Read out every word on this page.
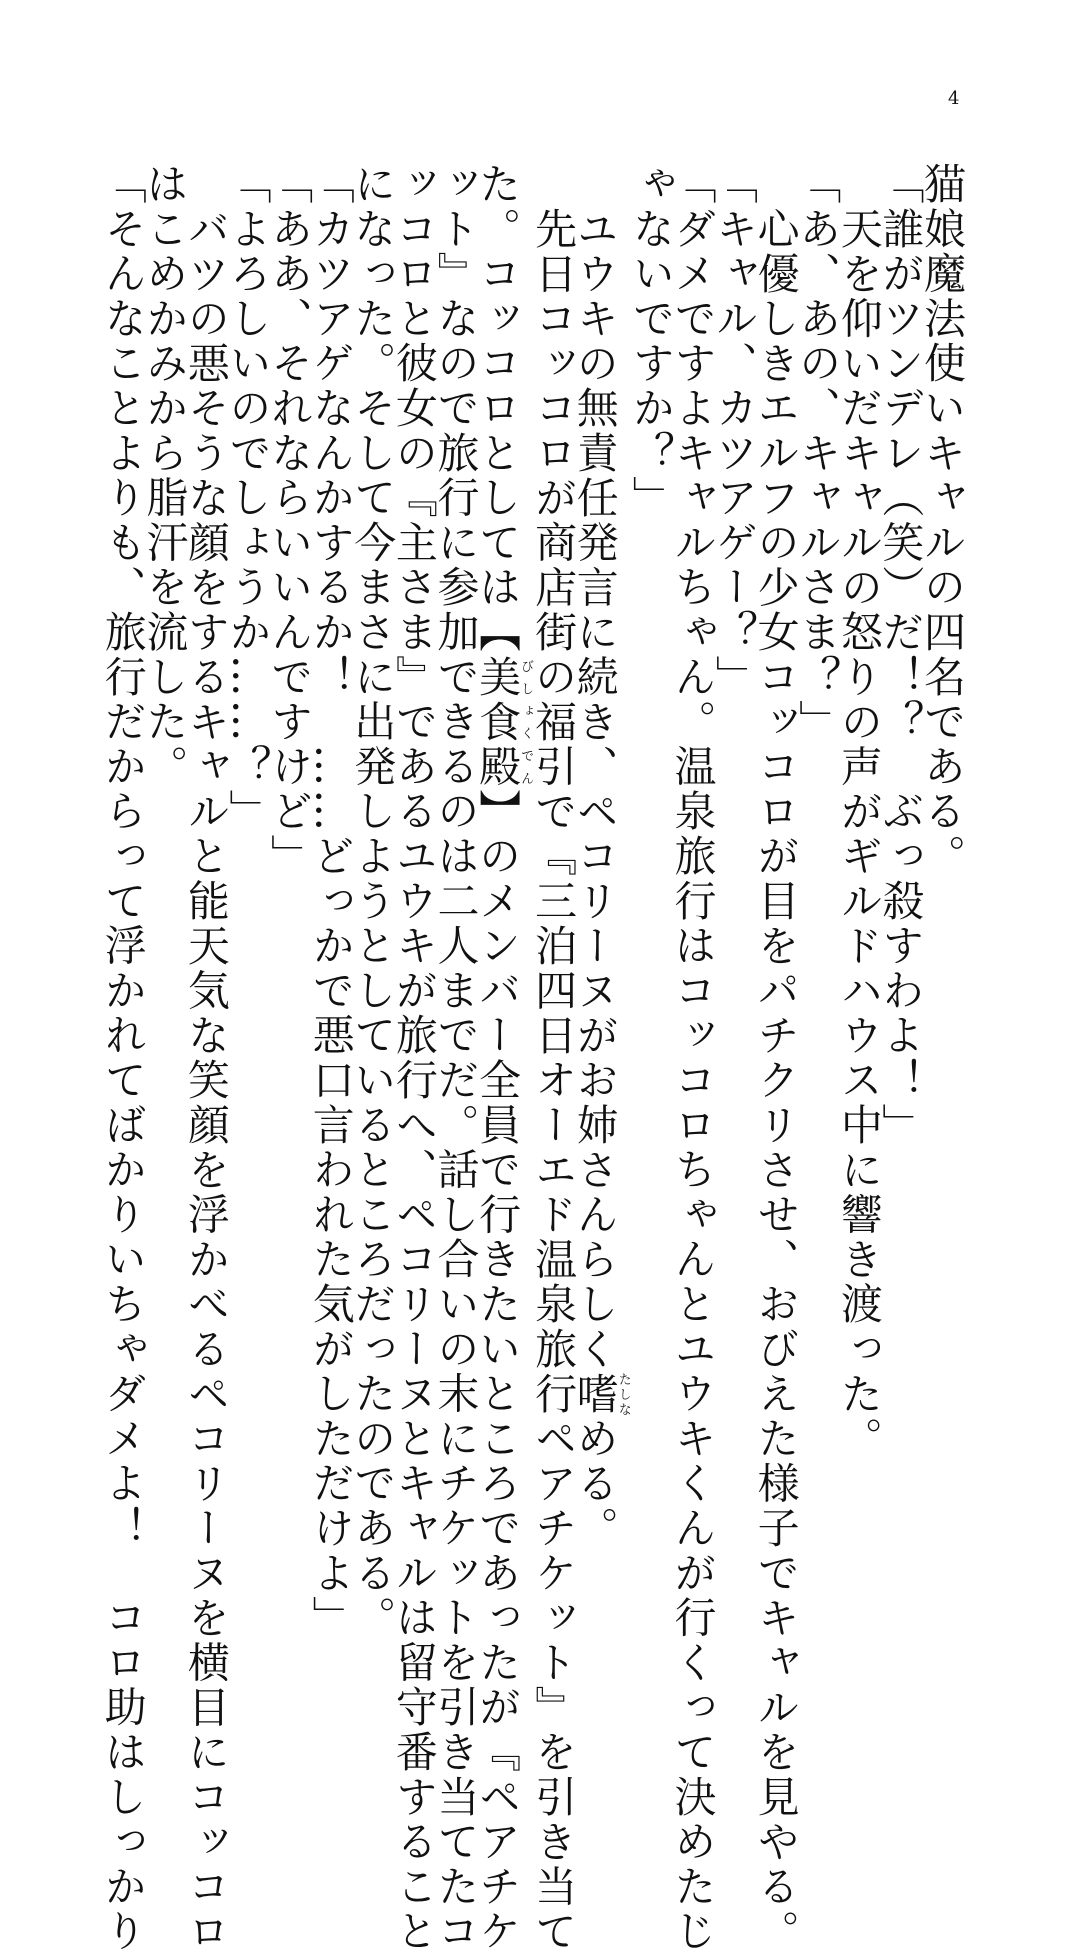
4
猫娘魔法使いキャルの四名である。
「誰がツンデレ（笑）だ！？　ぶっ殺すわよ！」
天を仰いだキャルの怒りの声がギルドハウス中に響き渡った。
「あ、あの、キャルさま？」
心優しきエルフの少女コッコロが目をパチクリさせ、おびえた様子でキャルを見やる。
「キャル、カツアゲー？」
「ダメですよキャルちゃん。温泉旅行はコッコロちゃんとユウキくんが行くって決めたじ
ゃないですか？」
ユウキの無責任発言に続き、ペコリーヌがお姉さんらしく嗜たしなめる。
先日コッコロが商店街の福引で『三泊四日オーエド温泉旅行ペアチケット』を引き当て
た。コッコロとしては【美食殿びしょくでん】のメンバー全員で行きたいところであったが『ペアチケ
ット』なので旅行に参加できるのは二人までだ。話し合いの末にチケットを引き当てたコ
ッコロと彼女の『主さま』であるユウキが旅行へ、ペコリーヌとキャルは留守番すること
になった。そして今まさに出発しようとしているところだったのである。
「カツアゲなんかするか！　……どっかで悪口言われた気がしただけよ」
「ああ、それならいいんですけど」
「よろしいのでしょうか……？」
バツの悪そうな顔をするキャルと能天気な笑顔を浮かべるペコリーヌを横目にコッコロ
はこめかみから脂汗を流した。
「そんなことよりも、旅行だからって浮かれてばかりいちゃダメよ！　コロ助はしっかり
